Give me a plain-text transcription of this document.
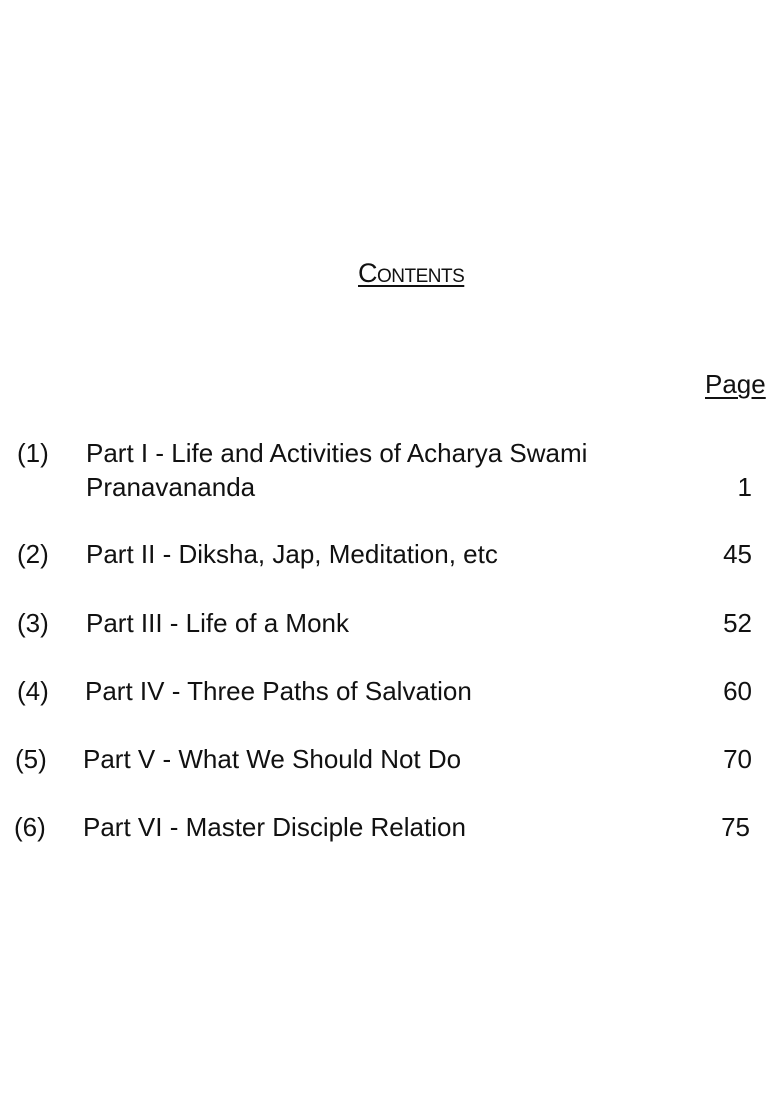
Contents
Page
(1) Part I - Life and Activities of Acharya Swami
Pranavananda	1
(2) Part II - Diksha, Jap, Meditation, etc	45
(3) Part III - Life of a Monk	52
(4) Part IV - Three Paths of Salvation	60
(5) Part V - What We Should Not Do	70
(6) Part VI - Master Disciple Relation	75
